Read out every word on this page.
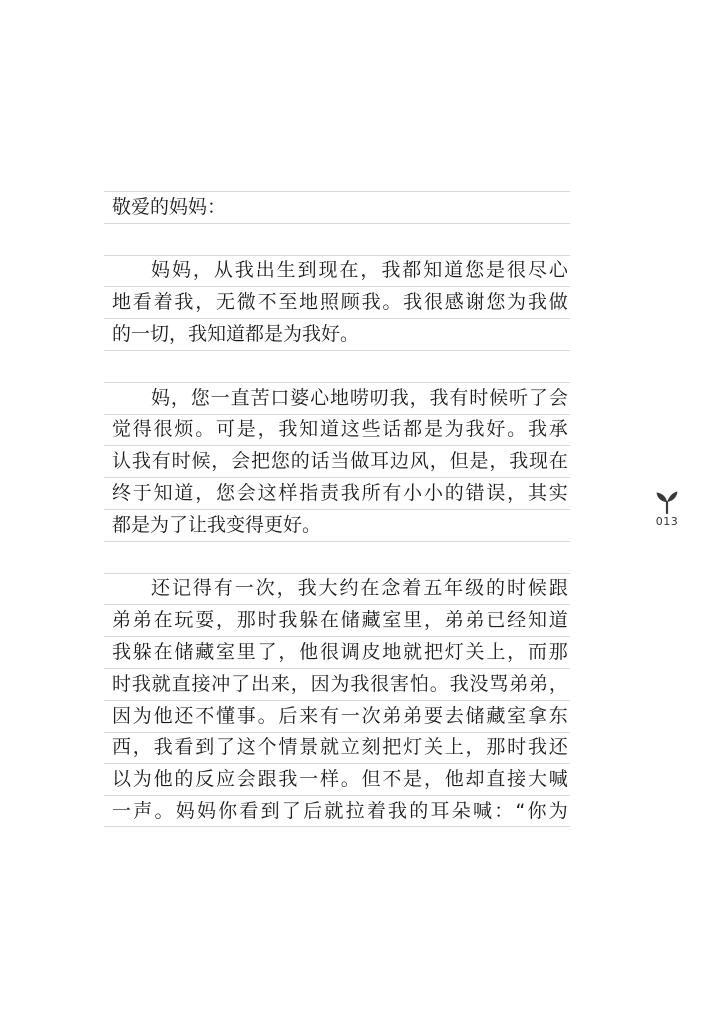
敬爱的妈妈：
妈 妈 ， 从 我 出 生 到 现 在 ， 我 都 知 道 您 是 很 尽 心
地 看 着 我 ， 无 微 不 至 地 照 顾 我 。 我 很 感 谢 您 为 我 做
的一切，我知道都是为我好。
妈 ， 您 一 直 苦 口 婆 心 地 唠 叨 我 ， 我 有 时 候 听 了 会
觉 得 很 烦 。 可 是 ， 我 知 道 这 些 话 都 是 为 我 好 。 我 承
认 我 有 时 候 ， 会 把 您 的 话 当 做 耳 边 风 ， 但 是 ， 我 现 在
终 于 知 道 ， 您 会 这 样 指 责 我 所 有 小 小 的 错 误 ， 其 实
都是为了让我变得更好。
还 记 得 有 一 次 ， 我 大 约 在 念 着 五 年 级 的 时 候 跟
弟 弟 在 玩 耍 ， 那 时 我 躲 在 储 藏 室 里 ， 弟 弟 已 经 知 道
我 躲 在 储 藏 室 里 了 ， 他 很 调 皮 地 就 把 灯 关 上 ， 而 那
时 我 就 直 接 冲 了 出 来 ， 因 为 我 很 害 怕 。 我 没 骂 弟 弟 ，
因 为 他 还 不 懂 事 。 后 来 有 一 次 弟 弟 要 去 储 藏 室 拿 东
西 ， 我 看 到 了 这 个 情 景 就 立 刻 把 灯 关 上 ， 那 时 我 还
以 为 他 的 反 应 会 跟 我 一 样 。 但 不 是 ， 他 却 直 接 大 喊
一 声 。 妈 妈 你 看 到 了 后 就 拉 着 我 的 耳 朵 喊 ： “ 你 为
013
